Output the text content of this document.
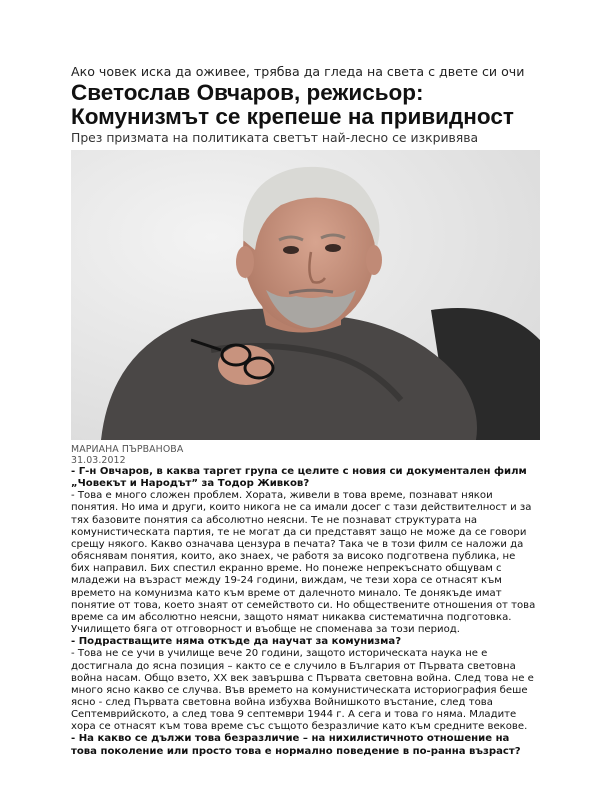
Ако човек иска да оживее, трябва да гледа на света с двете си очи

Светослав Овчаров, режисьор:
Комунизмът се крепеше на привидност

През призмата на политиката светът най-лесно се изкривява

МАРИАНА ПЪРВАНОВА
31.03.2012

- Г-н Овчаров, в каква таргет група се целите с новия си документален филм

„Човекът и Народът” за Тодор Живков?

- Това е много сложен проблем. Хората, живели в това време, познават някои

понятия. Но има и други, които никога не са имали досег с тази действителност и за

тях базовите понятия са абсолютно неясни. Те не познават структурата на

комунистическата партия, те не могат да си представят защо не може да се говори

срещу някого. Какво означава цензура в печата? Така че в този филм се наложи да

обяснявам понятия, които, ако знаех, че работя за високо подготвена публика, не

бих направил. Бих спестил екранно време. Но понеже непрекъснато общувам с

младежи на възраст между 19-24 години, виждам, че тези хора се отнасят към

времето на комунизма като към време от далечното минало. Те донякъде имат

понятие от това, което знаят от семейството си. Но обществените отношения от това

време са им абсолютно неясни, защото нямат никаква систематична подготовка.

Училището бяга от отговорност и въобще не споменава за този период.

- Подрастващите няма откъде да научат за комунизма?

- Това не се учи в училище вече 20 години, защото историческата наука не е

достигнала до ясна позиция – както се е случило в България от Първата световна

война насам. Общо взето, XX век завършва с Първата световна война. След това не е

много ясно какво се случва. Във времето на комунистическата историография беше

ясно - след Първата световна война избухва Войнишкото въстание, след това

Септемврийското, а след това 9 септември 1944 г. А сега и това го няма. Младите

хора се отнасят към това време със същото безразличие като към средните векове.

- На какво се дължи това безразличие – на нихилистичното отношение на

това поколение или просто това е нормално поведение в по-ранна възраст?
